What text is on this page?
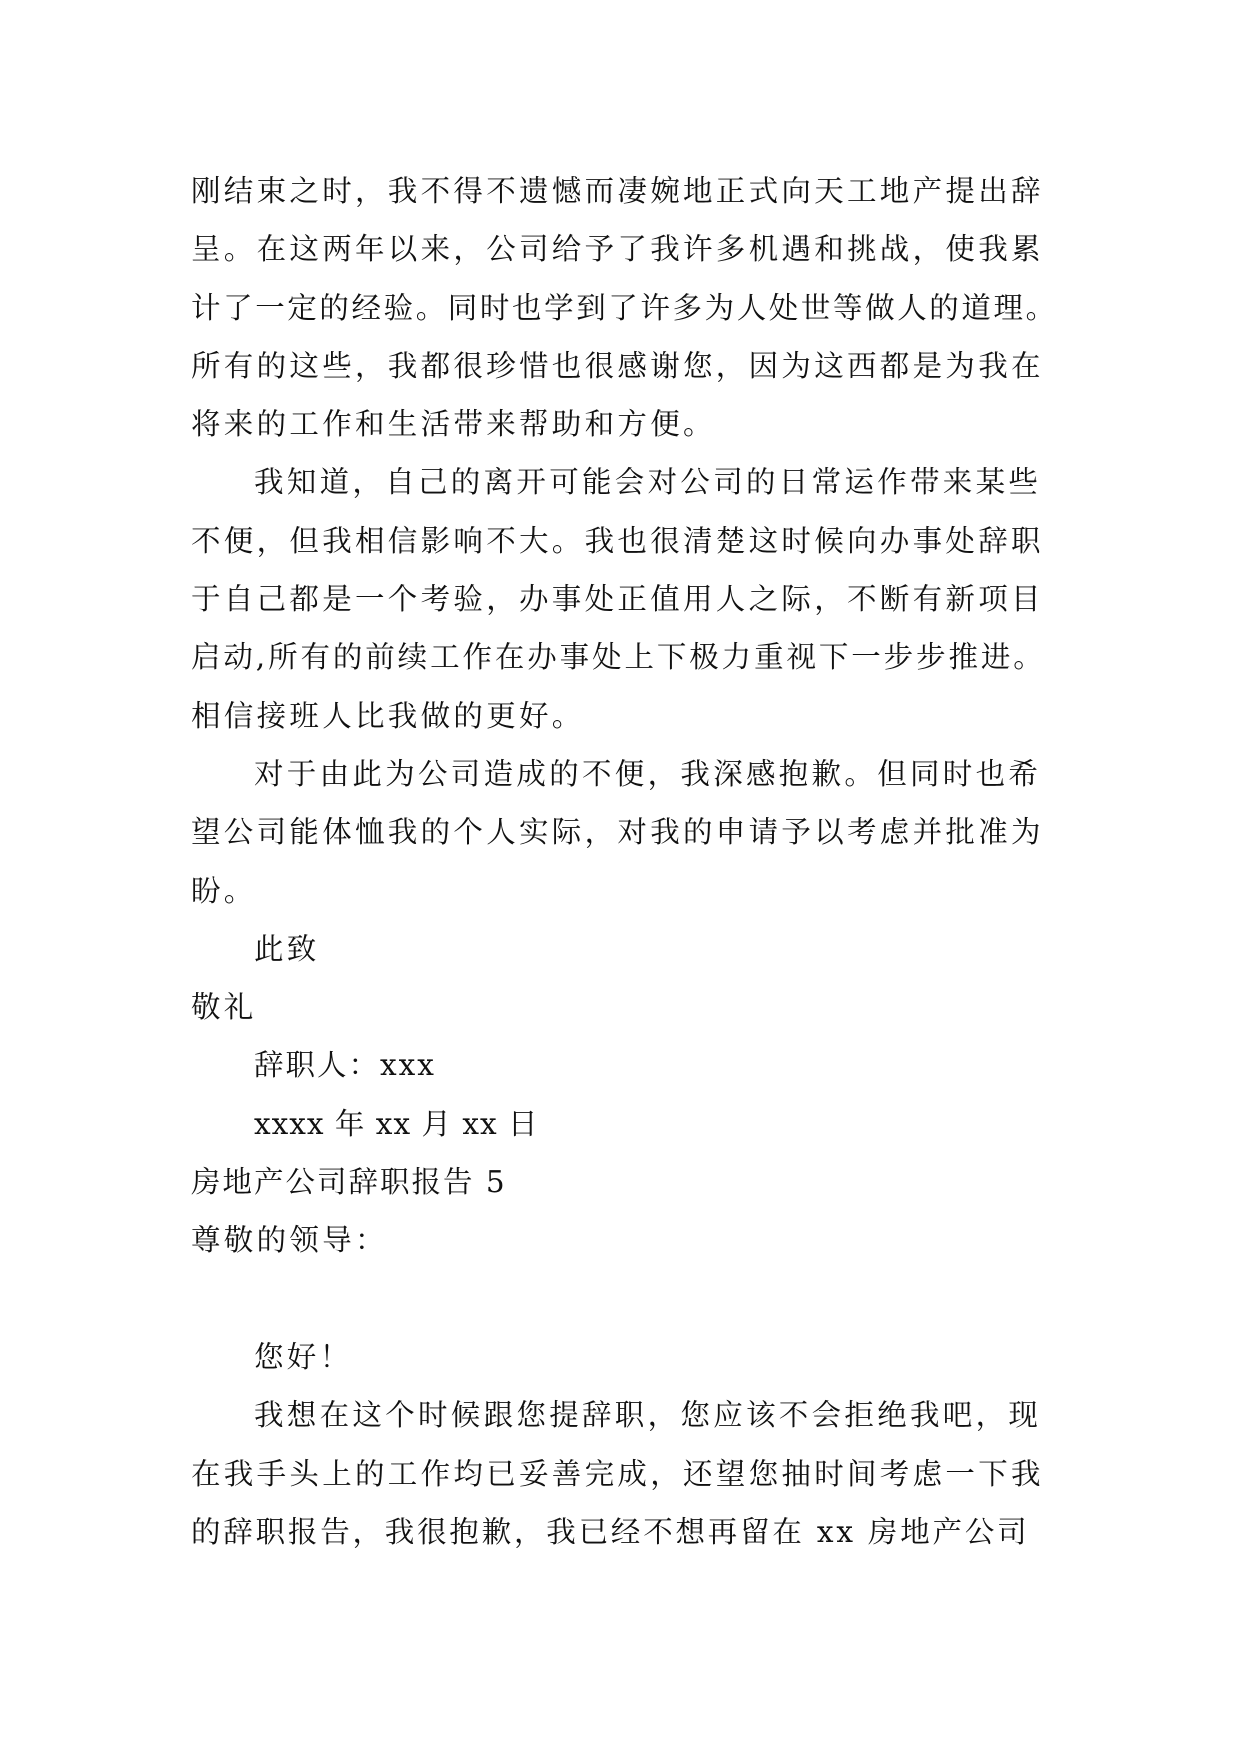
刚结束之时，我不得不遗憾而凄婉地正式向天工地产提出辞
呈。在这两年以来，公司给予了我许多机遇和挑战，使我累
计了一定的经验。同时也学到了许多为人处世等做人的道理。
所有的这些，我都很珍惜也很感谢您，因为这西都是为我在
将来的工作和生活带来帮助和方便。
我知道，自己的离开可能会对公司的日常运作带来某些
不便，但我相信影响不大。我也很清楚这时候向办事处辞职
于自己都是一个考验，办事处正值用人之际，不断有新项目
启动,所有的前续工作在办事处上下极力重视下一步步推进。
相信接班人比我做的更好。
对于由此为公司造成的不便，我深感抱歉。但同时也希
望公司能体恤我的个人实际，对我的申请予以考虑并批准为
盼。
此致
敬礼
辞职人：xxx
xxxx 年 xx 月 xx 日
房地产公司辞职报告 5
尊敬的领导：
您好！
我想在这个时候跟您提辞职，您应该不会拒绝我吧，现
在我手头上的工作均已妥善完成，还望您抽时间考虑一下我
的辞职报告，我很抱歉，我已经不想再留在 xx 房地产公司
